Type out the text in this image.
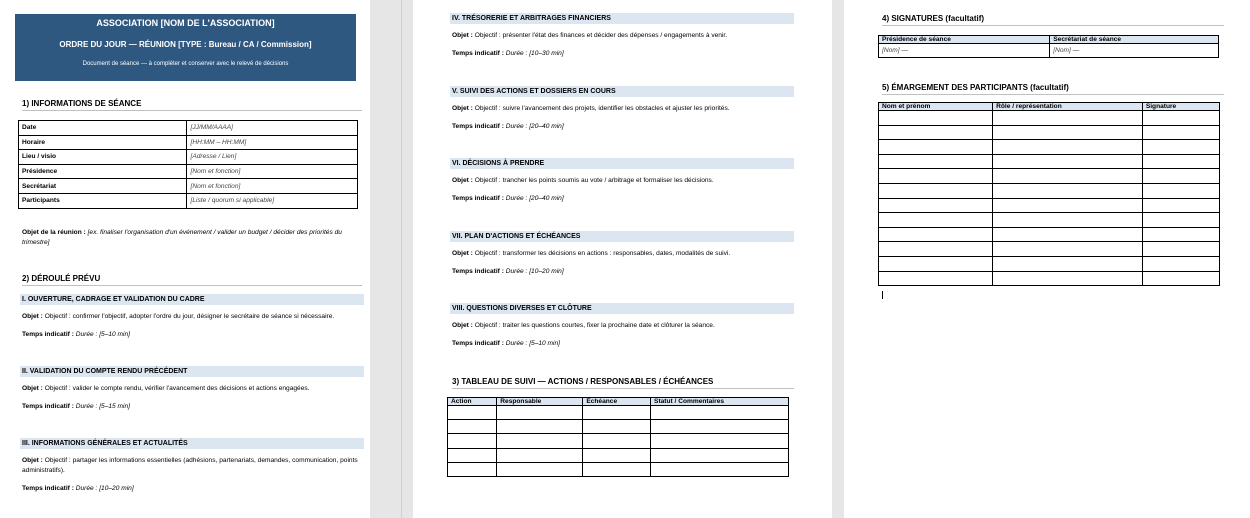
ASSOCIATION [NOM DE L'ASSOCIATION]
ORDRE DU JOUR — RÉUNION [TYPE : Bureau / CA / Commission]
Document de séance — à compléter et conserver avec le relevé de décisions
1) INFORMATIONS DE SÉANCE
Date	[JJ/MM/AAAA]
Horaire	[HH:MM – HH:MM]
Lieu / visio	[Adresse / Lien]
Présidence	[Nom et fonction]
Secrétariat	[Nom et fonction]
Participants	[Liste / quorum si applicable]
Objet de la réunion : [ex. finaliser l'organisation d'un événement / valider un budget / décider des priorités du trimestre]
2) DÉROULÉ PRÉVU
I. OUVERTURE, CADRAGE ET VALIDATION DU CADRE
Objet : Objectif : confirmer l'objectif, adopter l'ordre du jour, désigner le secrétaire de séance si nécessaire.
Temps indicatif : Durée : [5–10 min]
II. VALIDATION DU COMPTE RENDU PRÉCÉDENT
Objet : Objectif : valider le compte rendu, vérifier l'avancement des décisions et actions engagées.
Temps indicatif : Durée : [5–15 min]
III. INFORMATIONS GÉNÉRALES ET ACTUALITÉS
Objet : Objectif : partager les informations essentielles (adhésions, partenariats, demandes, communication, points administratifs).
Temps indicatif : Durée : [10–20 min]
IV. TRÉSORERIE ET ARBITRAGES FINANCIERS
Objet : Objectif : présenter l'état des finances et décider des dépenses / engagements à venir.
Temps indicatif : Durée : [10–30 min]
V. SUIVI DES ACTIONS ET DOSSIERS EN COURS
Objet : Objectif : suivre l'avancement des projets, identifier les obstacles et ajuster les priorités.
Temps indicatif : Durée : [20–40 min]
VI. DÉCISIONS À PRENDRE
Objet : Objectif : trancher les points soumis au vote / arbitrage et formaliser les décisions.
Temps indicatif : Durée : [20–40 min]
VII. PLAN D'ACTIONS ET ÉCHÉANCES
Objet : Objectif : transformer les décisions en actions : responsables, dates, modalités de suivi.
Temps indicatif : Durée : [10–20 min]
VIII. QUESTIONS DIVERSES ET CLÔTURE
Objet : Objectif : traiter les questions courtes, fixer la prochaine date et clôturer la séance.
Temps indicatif : Durée : [5–10 min]
3) TABLEAU DE SUIVI — ACTIONS / RESPONSABLES / ÉCHÉANCES
Action	Responsable	Échéance	Statut / Commentaires

4) SIGNATURES (facultatif)
Présidence de séance	Secrétariat de séance
[Nom] —	[Nom] —
5) ÉMARGEMENT DES PARTICIPANTS (facultatif)
Nom et prénom	Rôle / représentation	Signature
